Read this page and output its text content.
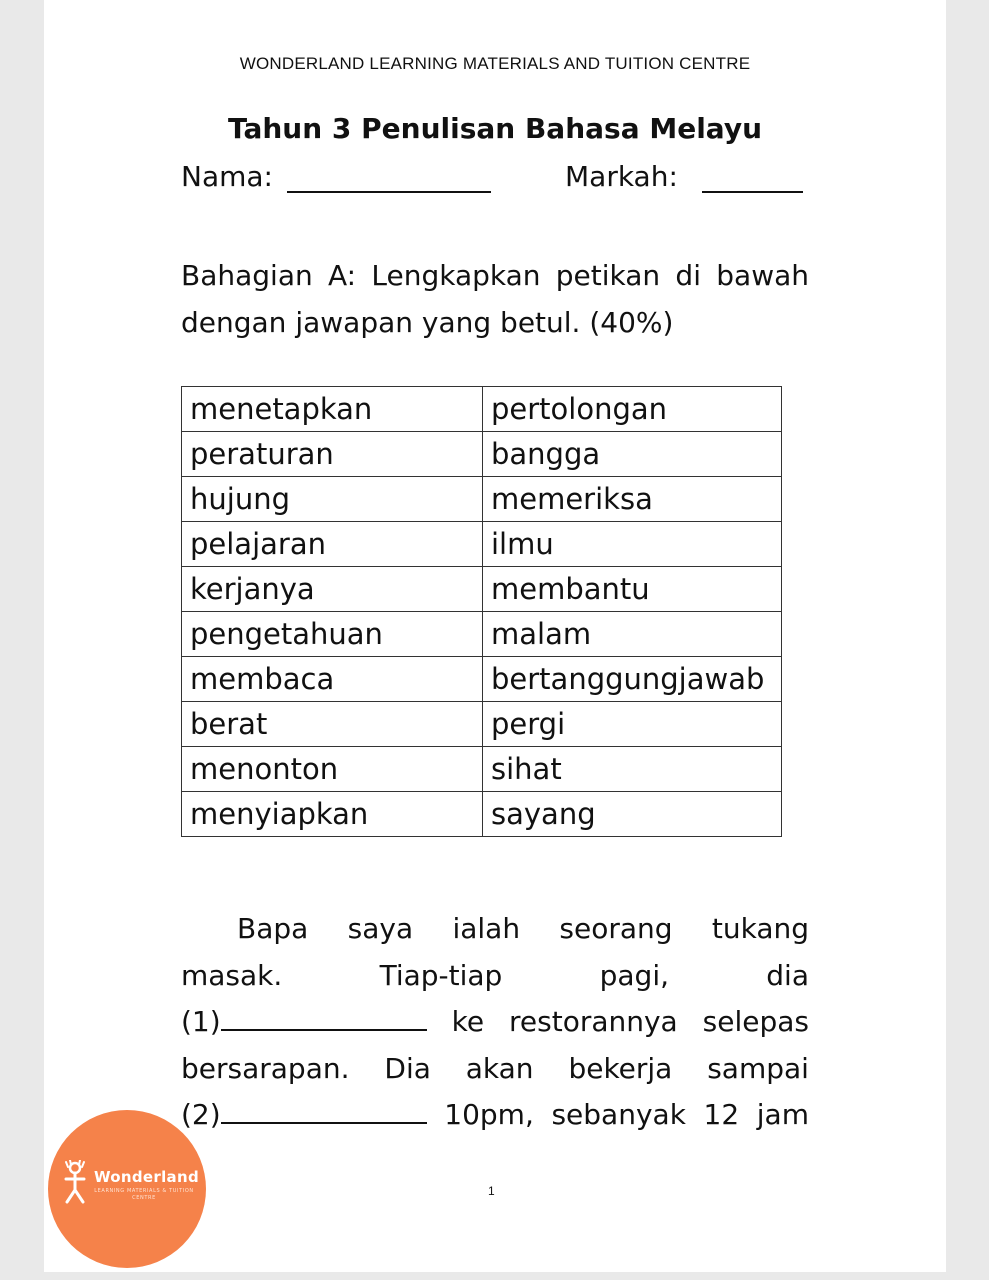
WONDERLAND LEARNING MATERIALS AND TUITION CENTRE
Tahun 3 Penulisan Bahasa Melayu
Nama:	Markah:
Bahagian A: Lengkapkan petikan di bawah dengan jawapan yang betul. (40%)
menetapkan	pertolongan
peraturan	bangga
hujung	memeriksa
pelajaran	ilmu
kerjanya	membantu
pengetahuan	malam
membaca	bertanggungjawab
berat	pergi
menonton	sihat
menyiapkan	sayang
Bapa saya ialah seorang tukang
masak.	Tiap-tiap	pagi,	dia
(1)	ke restorannya selepas
bersarapan. Dia akan bekerja sampai
(2)	10pm, sebanyak 12 jam
1
Wonderland
LEARNING MATERIALS & TUITION CENTRE
